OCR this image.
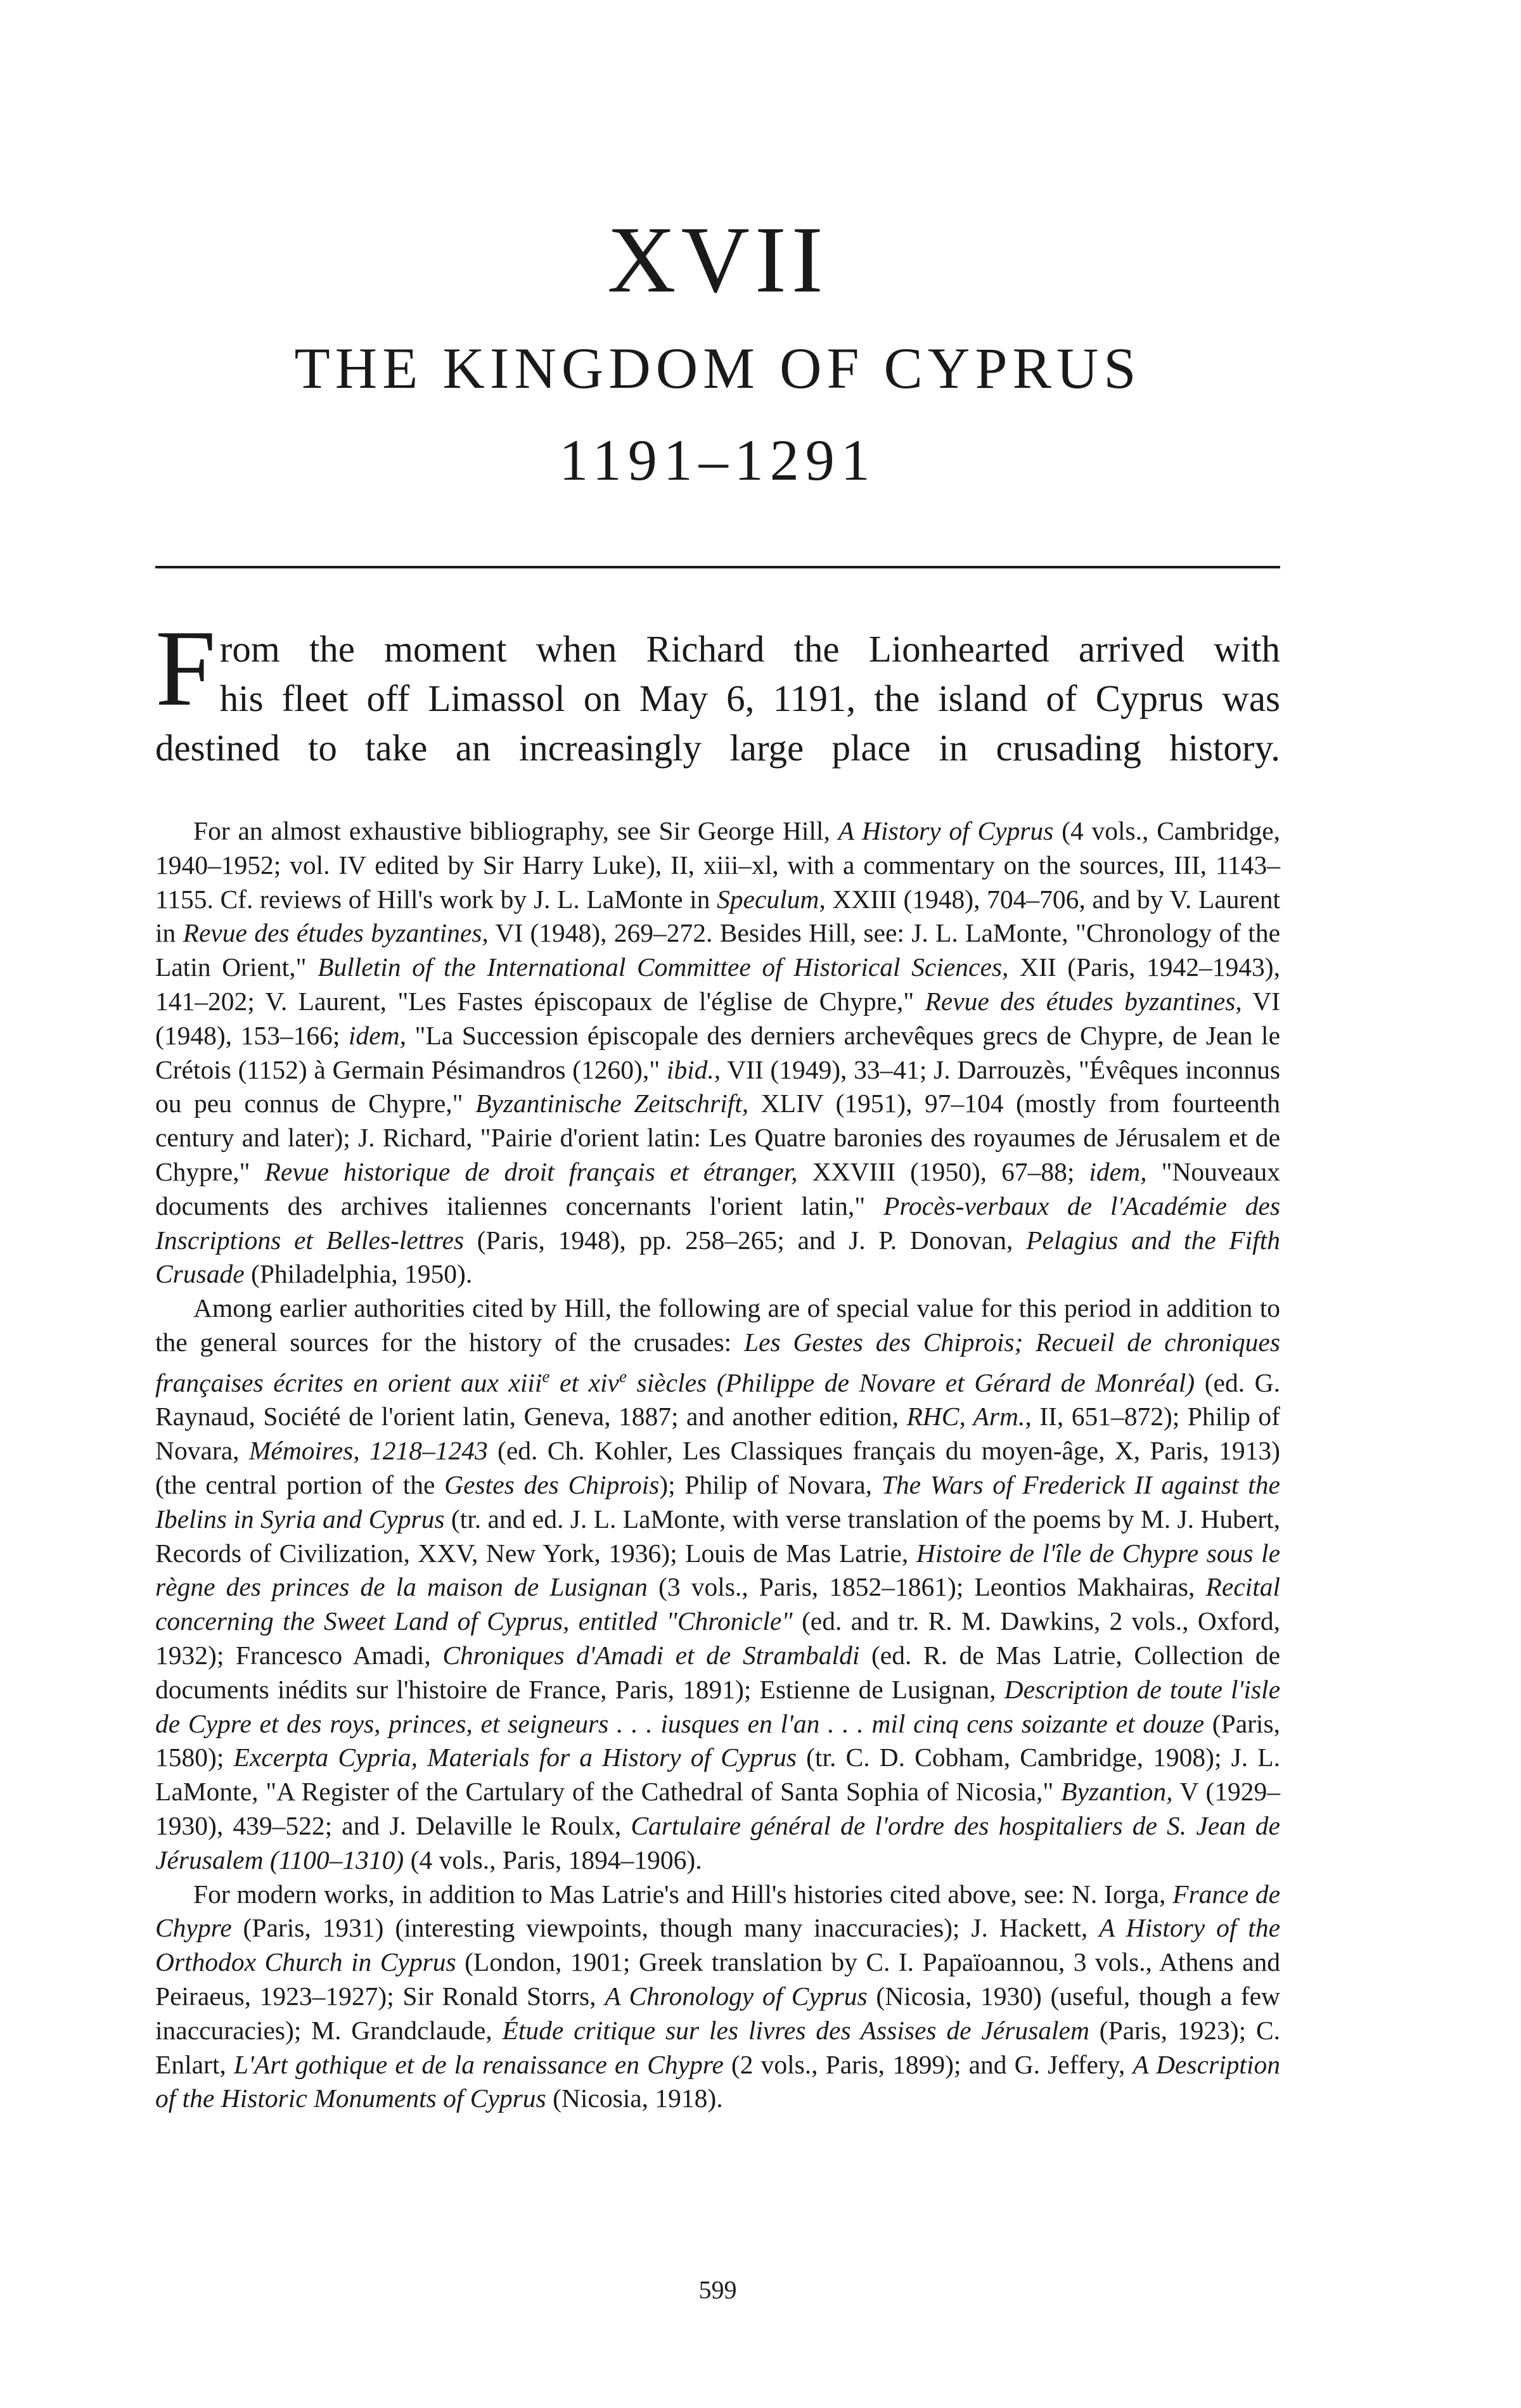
XVII
THE KINGDOM OF CYPRUS
1191–1291
F rom the moment when Richard the Lionhearted arrived with
his fleet off Limassol on May 6, 1191, the island of Cyprus was
destined to take an increasingly large place in crusading history.

For an almost exhaustive bibliography, see Sir George Hill, A History of Cyprus (4 vols., Cambridge, 1940–1952; vol. IV edited by Sir Harry Luke), II, xiii–xl, with a commentary on the sources, III, 1143–1155. Cf. reviews of Hill's work by J. L. LaMonte in Speculum, XXIII (1948), 704–706, and by V. Laurent in Revue des études byzantines, VI (1948), 269–272. Besides Hill, see: J. L. LaMonte, "Chronology of the Latin Orient," Bulletin of the International Committee of Historical Sciences, XII (Paris, 1942–1943), 141–202; V. Laurent, "Les Fastes épiscopaux de l'église de Chypre," Revue des études byzantines, VI (1948), 153–166; idem, "La Succession épiscopale des derniers archevêques grecs de Chypre, de Jean le Crétois (1152) à Germain Pésimandros (1260)," ibid., VII (1949), 33–41; J. Darrouzès, "Évêques inconnus ou peu connus de Chypre," Byzantinische Zeitschrift, XLIV (1951), 97–104 (mostly from fourteenth century and later); J. Richard, "Pairie d'orient latin: Les Quatre baronies des royaumes de Jérusalem et de Chypre," Revue historique de droit français et étranger, XXVIII (1950), 67–88; idem, "Nouveaux documents des archives italiennes concernants l'orient latin," Procès-verbaux de l'Académie des Inscriptions et Belles-lettres (Paris, 1948), pp. 258–265; and J. P. Donovan, Pelagius and the Fifth Crusade (Philadelphia, 1950).

Among earlier authorities cited by Hill, the following are of special value for this period in addition to the general sources for the history of the crusades: Les Gestes des Chiprois; Recueil de chroniques françaises écrites en orient aux xiii$^e$ et xiv$^e$ siècles (Philippe de Novare et Gérard de Monréal) (ed. G. Raynaud, Société de l'orient latin, Geneva, 1887; and another edition, RHC, Arm., II, 651–872); Philip of Novara, Mémoires, 1218–1243 (ed. Ch. Kohler, Les Classiques français du moyen-âge, X, Paris, 1913) (the central portion of the Gestes des Chiprois); Philip of Novara, The Wars of Frederick II against the Ibelins in Syria and Cyprus (tr. and ed. J. L. LaMonte, with verse translation of the poems by M. J. Hubert, Records of Civilization, XXV, New York, 1936); Louis de Mas Latrie, Histoire de l'île de Chypre sous le règne des princes de la maison de Lusignan (3 vols., Paris, 1852–1861); Leontios Makhairas, Recital concerning the Sweet Land of Cyprus, entitled "Chronicle" (ed. and tr. R. M. Dawkins, 2 vols., Oxford, 1932); Francesco Amadi, Chroniques d'Amadi et de Strambaldi (ed. R. de Mas Latrie, Collection de documents inédits sur l'histoire de France, Paris, 1891); Estienne de Lusignan, Description de toute l'isle de Cypre et des roys, princes, et seigneurs . . . iusques en l'an . . . mil cinq cens soizante et douze (Paris, 1580); Excerpta Cypria, Materials for a History of Cyprus (tr. C. D. Cobham, Cambridge, 1908); J. L. LaMonte, "A Register of the Cartulary of the Cathedral of Santa Sophia of Nicosia," Byzantion, V (1929–1930), 439–522; and J. Delaville le Roulx, Cartulaire général de l'ordre des hospitaliers de S. Jean de Jérusalem (1100–1310) (4 vols., Paris, 1894–1906).

For modern works, in addition to Mas Latrie's and Hill's histories cited above, see: N. Iorga, France de Chypre (Paris, 1931) (interesting viewpoints, though many inaccuracies); J. Hackett, A History of the Orthodox Church in Cyprus (London, 1901; Greek translation by C. I. Papaïoannou, 3 vols., Athens and Peiraeus, 1923–1927); Sir Ronald Storrs, A Chronology of Cyprus (Nicosia, 1930) (useful, though a few inaccuracies); M. Grandclaude, Étude critique sur les livres des Assises de Jérusalem (Paris, 1923); C. Enlart, L'Art gothique et de la renaissance en Chypre (2 vols., Paris, 1899); and G. Jeffery, A Description of the Historic Monuments of Cyprus (Nicosia, 1918).

599
